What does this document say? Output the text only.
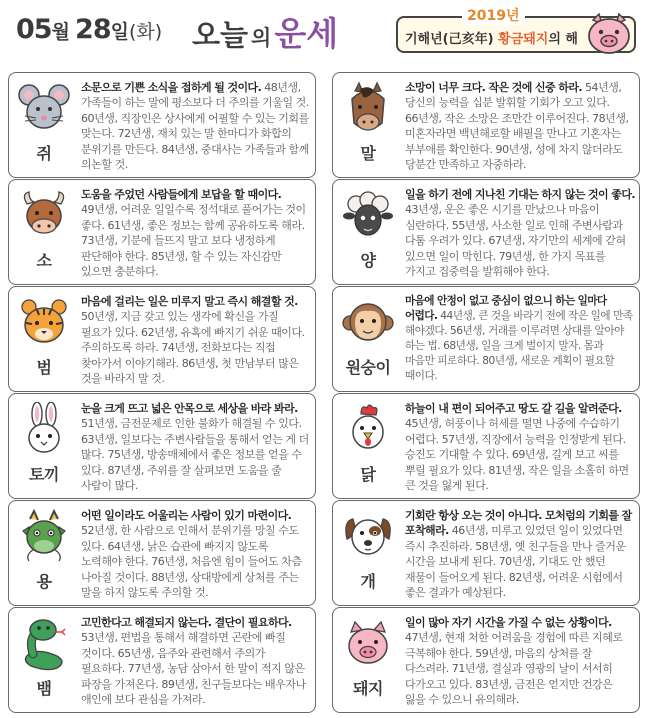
05월 28일(화) 오늘 의운세	2019년
기해년(己亥年) 황금돼지의 해
쥐
소문으로 기쁜 소식을 접하게 될 것이다. 48년생, 가족들이 하는 말에 평소보다 더 주의를 기울일 것. 60년생, 직장인은 상사에게 어필할 수 있는 기회를 맞는다. 72년생, 재치 있는 말 한마디가 화합의 분위기를 만든다. 84년생, 중대사는 가족들과 함께 의논할 것.
말
소망이 너무 크다. 작은 것에 신중 하라. 54년생, 당신의 능력을 십분 발휘할 기회가 오고 있다. 66년생, 작은 소망은 조만간 이루어진다. 78년생, 미혼자라면 백년해로할 배필을 만나고 기혼자는 부부애를 확인한다. 90년생, 성에 차지 않더라도 당분간 만족하고 자중하라.
소
도움을 주었던 사람들에게 보답을 할 때이다. 49년생, 어려운 일일수록 정석대로 풀어가는 것이 좋다. 61년생, 좋은 정보는 함께 공유하도록 해라. 73년생, 기분에 들뜨지 말고 보다 냉정하게 판단해야 한다. 85년생, 할 수 있는 자신감만 있으면 충분하다.
양
일을 하기 전에 지나친 기대는 하지 않는 것이 좋다. 43년생, 운은 좋은 시기를 만났으나 마음이 심란하다. 55년생, 사소한 일로 인해 주변사람과 다툼 우려가 있다. 67년생, 자기만의 세계에 갇혀 있으면 일이 막힌다. 79년생, 한 가지 목표를 가지고 집중력을 발휘해야 한다.
범
마음에 걸리는 일은 미루지 말고 즉시 해결할 것. 50년생, 지금 갖고 있는 생각에 확신을 가질 필요가 있다. 62년생, 유혹에 빠지기 쉬운 때이다. 주의하도록 하라. 74년생, 전화보다는 직접 찾아가서 이야기해라. 86년생, 첫 만남부터 많은 것을 바라지 말 것.
원숭이
마음에 안정이 없고 중심이 없으니 하는 일마다 어렵다. 44년생, 큰 것을 바라기 전에 작은 일에 만족 해야겠다. 56년생, 거래를 이루려면 상대를 알아야 하는 법. 68년생, 일을 크게 벌이지 말자. 몸과 마음만 피로하다. 80년생, 새로운 계획이 필요할 때이다.
토끼
눈을 크게 뜨고 넓은 안목으로 세상을 바라 봐라. 51년생, 금전문제로 인한 불화가 해결될 수 있다. 63년생, 일보다는 주변사람들을 통해서 얻는 게 더 많다. 75년생, 방송매체에서 좋은 정보를 얻을 수 있다. 87년생, 주위를 잘 살펴보면 도움을 줄 사람이 많다.
닭
하늘이 내 편이 되어주고 땅도 갈 길을 알려준다. 45년생, 허풍이나 허세를 떨면 나중에 수습하기 어렵다. 57년생, 직장에서 능력을 인정받게 된다. 승진도 기대할 수 있다. 69년생, 길게 보고 씨를 뿌릴 필요가 있다. 81년생, 작은 일을 소홀히 하면 큰 것을 잃게 된다.
용
어떤 일이라도 어울리는 사람이 있기 마련이다. 52년생, 한 사람으로 인해서 분위기를 망칠 수도 있다. 64년생, 낡은 습관에 빠지지 않도록 노력해야 한다. 76년생, 처음엔 힘이 들어도 차츰 나아질 것이다. 88년생, 상대방에게 상처를 주는 말을 하지 않도록 주의할 것.
개
기회란 항상 오는 것이 아니다. 모처럼의 기회를 잘 포착해라. 46년생, 미루고 있었던 일이 있었다면 즉시 추진하라. 58년생, 옛 친구들을 만나 즐거운 시간을 보내게 된다. 70년생, 기대도 안 했던 재물이 들어오게 된다. 82년생, 어려운 시험에서 좋은 결과가 예상된다.
뱀
고민한다고 해결되지 않는다. 결단이 필요하다. 53년생, 편법을 통해서 해결하면 곤란에 빠질 것이다. 65년생, 음주와 관련해서 주의가 필요하다. 77년생, 농담 삼아서 한 말이 적지 않은 파장을 가져온다. 89년생, 친구들보다는 배우자나 애인에 보다 관심을 가져라.
돼지
일이 많아 자기 시간을 가질 수 없는 상황이다. 47년생, 현재 처한 어려움을 경험에 따른 지혜로 극복해야 한다. 59년생, 마음의 상처를 잘 다스려라. 71년생, 결실과 영광의 날이 서서히 다가오고 있다. 83년생, 금전은 얻지만 건강은 잃을 수 있으니 유의해라.
